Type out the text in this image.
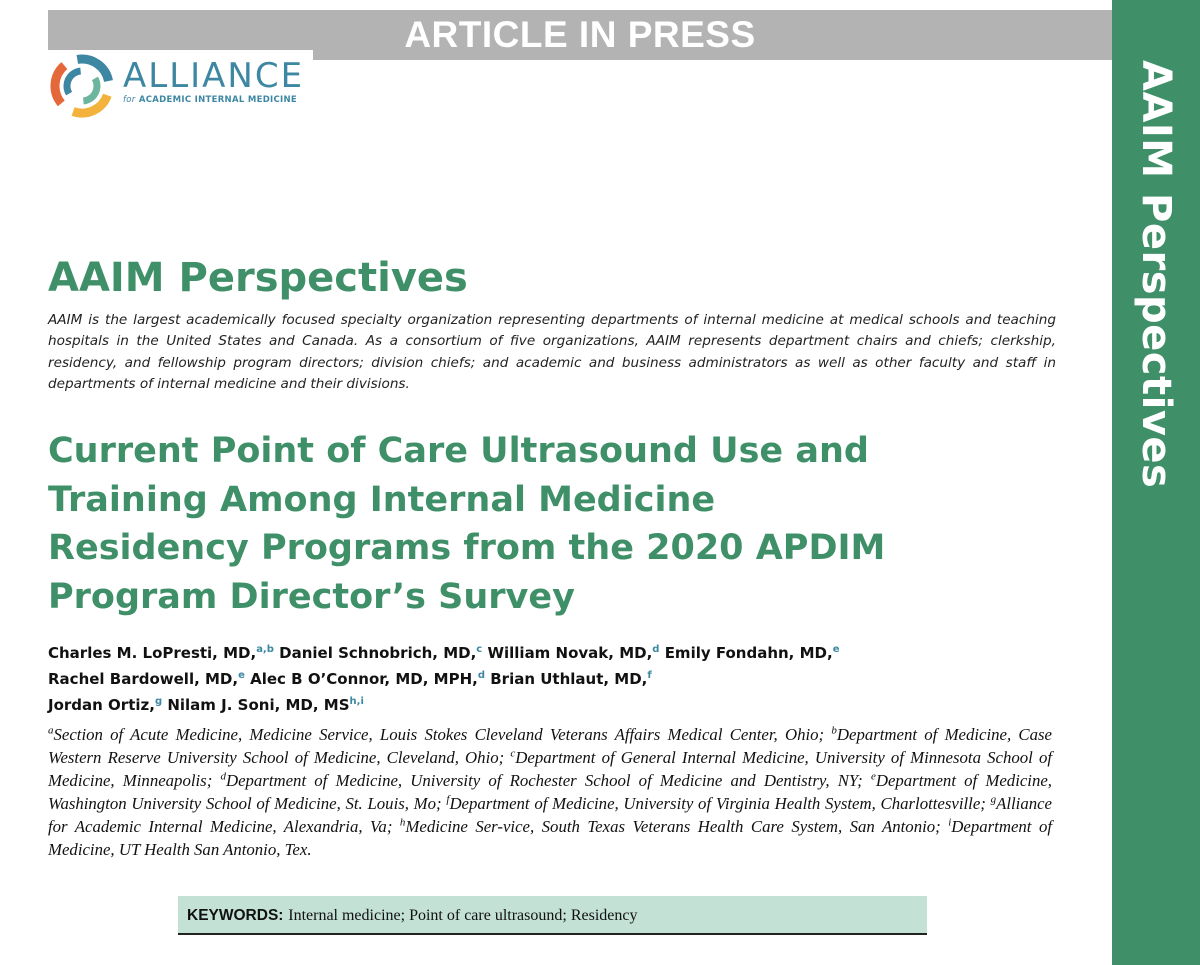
ARTICLE IN PRESS
AAIM Perspectives
ALLIANCE
for ACADEMIC INTERNAL MEDICINE
AAIM Perspectives

AAIM is the largest academically focused specialty organization representing departments of internal medicine at medical schools and teaching hospitals in the United States and Canada. As a consortium of five organizations, AAIM represents department chairs and chiefs; clerkship, residency, and fellowship program directors; division chiefs; and academic and business administrators as well as other faculty and staff in departments of internal medicine and their divisions.

Current Point of Care Ultrasound Use and Training Among Internal Medicine Residency Programs from the 2020 APDIM Program Director’s Survey
Charles M. LoPresti, MD,$^{a,b}$ Daniel Schnobrich, MD,$^c$ William Novak, MD,$^d$ Emily Fondahn, MD,$^e$
Rachel Bardowell, MD,$^e$ Alec B O’Connor, MD, MPH,$^d$ Brian Uthlaut, MD,$^f$
Jordan Ortiz,$^g$ Nilam J. Soni, MD, MS$^{h,i}$
$^a$Section of Acute Medicine, Medicine Service, Louis Stokes Cleveland Veterans Affairs Medical Center, Ohio; $^b$Department of Medicine, Case Western Reserve University School of Medicine, Cleveland, Ohio; $^c$Department of General Internal Medicine, University of Minnesota School of Medicine, Minneapolis; $^d$Department of Medicine, University of Rochester School of Medicine and Dentistry, NY; $^e$Department of Medicine, Washington University School of Medicine, St. Louis, Mo; $^f$Department of Medicine, University of Virginia Health System, Charlottesville; $^g$Alliance for Academic Internal Medicine, Alexandria, Va; $^h$Medicine Ser-vice, South Texas Veterans Health Care System, San Antonio; $^i$Department of Medicine, UT Health San Antonio, Tex.
KEYWORDS: Internal medicine; Point of care ultrasound; Residency
